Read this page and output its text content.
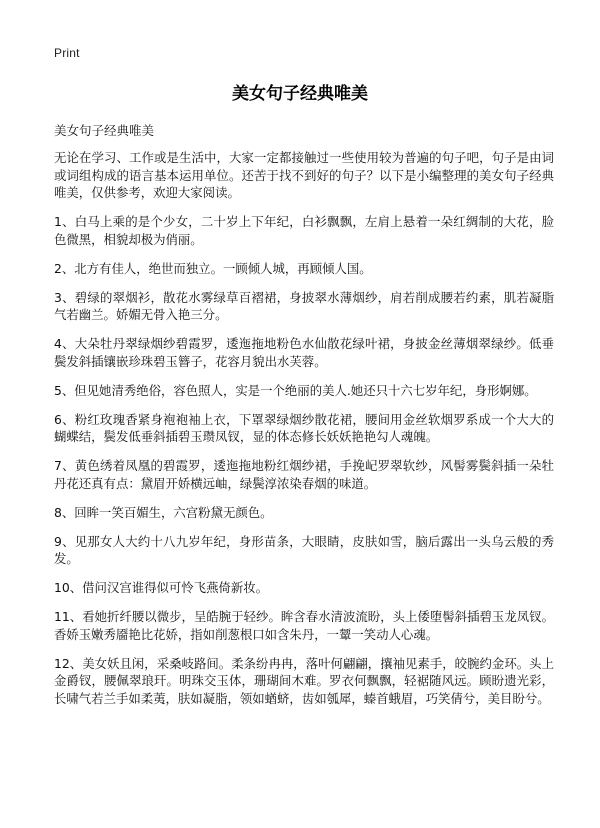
Print
美女句子经典唯美
美女句子经典唯美

无论在学习、工作或是生活中，大家一定都接触过一些使用较为普遍的句子吧，句子是由词或词组构成的语言基本运用单位。还苦于找不到好的句子？以下是小编整理的美女句子经典唯美，仅供参考，欢迎大家阅读。

1、白马上乘的是个少女，二十岁上下年纪，白衫飘飘，左肩上悬着一朵红绸制的大花，脸色微黑，相貌却极为俏丽。

2、北方有佳人，绝世而独立。一顾倾人城，再顾倾人国。

3、碧绿的翠烟衫，散花水雾绿草百褶裙，身披翠水薄烟纱，肩若削成腰若约素，肌若凝脂气若幽兰。娇媚无骨入艳三分。

4、大朵牡丹翠绿烟纱碧霞罗，逶迤拖地粉色水仙散花绿叶裙，身披金丝薄烟翠绿纱。低垂鬓发斜插镶嵌珍珠碧玉簪子，花容月貌出水芙蓉。

5、但见她清秀绝俗，容色照人，实是一个绝丽的美人.她还只十六七岁年纪，身形婀娜。

6、粉红玫瑰香紧身袍袍袖上衣，下罩翠绿烟纱散花裙，腰间用金丝软烟罗系成一个大大的蝴蝶结，鬓发低垂斜插碧玉瓒凤钗，显的体态修长妖妖艳艳勾人魂魄。

7、黄色绣着凤凰的碧霞罗，逶迤拖地粉红烟纱裙，手挽屺罗翠软纱，风髻雾鬓斜插一朵牡丹花还真有点：黛眉开娇横远岫，绿鬓淳浓染春烟的味道。

8、回眸一笑百媚生，六宫粉黛无颜色。

9、见那女人大约十八九岁年纪，身形苗条，大眼睛，皮肤如雪，脑后露出一头乌云般的秀发。

10、借问汉宫谁得似可怜飞燕倚新妆。

11、看她折纤腰以微步，呈皓腕于轻纱。眸含春水清波流盼，头上倭堕髻斜插碧玉龙凤钗。香娇玉嫩秀靥艳比花娇，指如削葱根口如含朱丹，一颦一笑动人心魂。

12、美女妖且闲，采桑岐路间。柔条纷冉冉，落叶何翩翩，攘袖见素手，皎腕约金环。头上金爵钗，腰佩翠琅玕。明珠交玉体，珊瑚间木难。罗衣何飘飘，轻裾随风远。顾盼遗光彩，长啸气若兰手如柔荑，肤如凝脂，领如蝤蛴，齿如瓠犀，螓首蛾眉，巧笑倩兮，美目盼兮。
